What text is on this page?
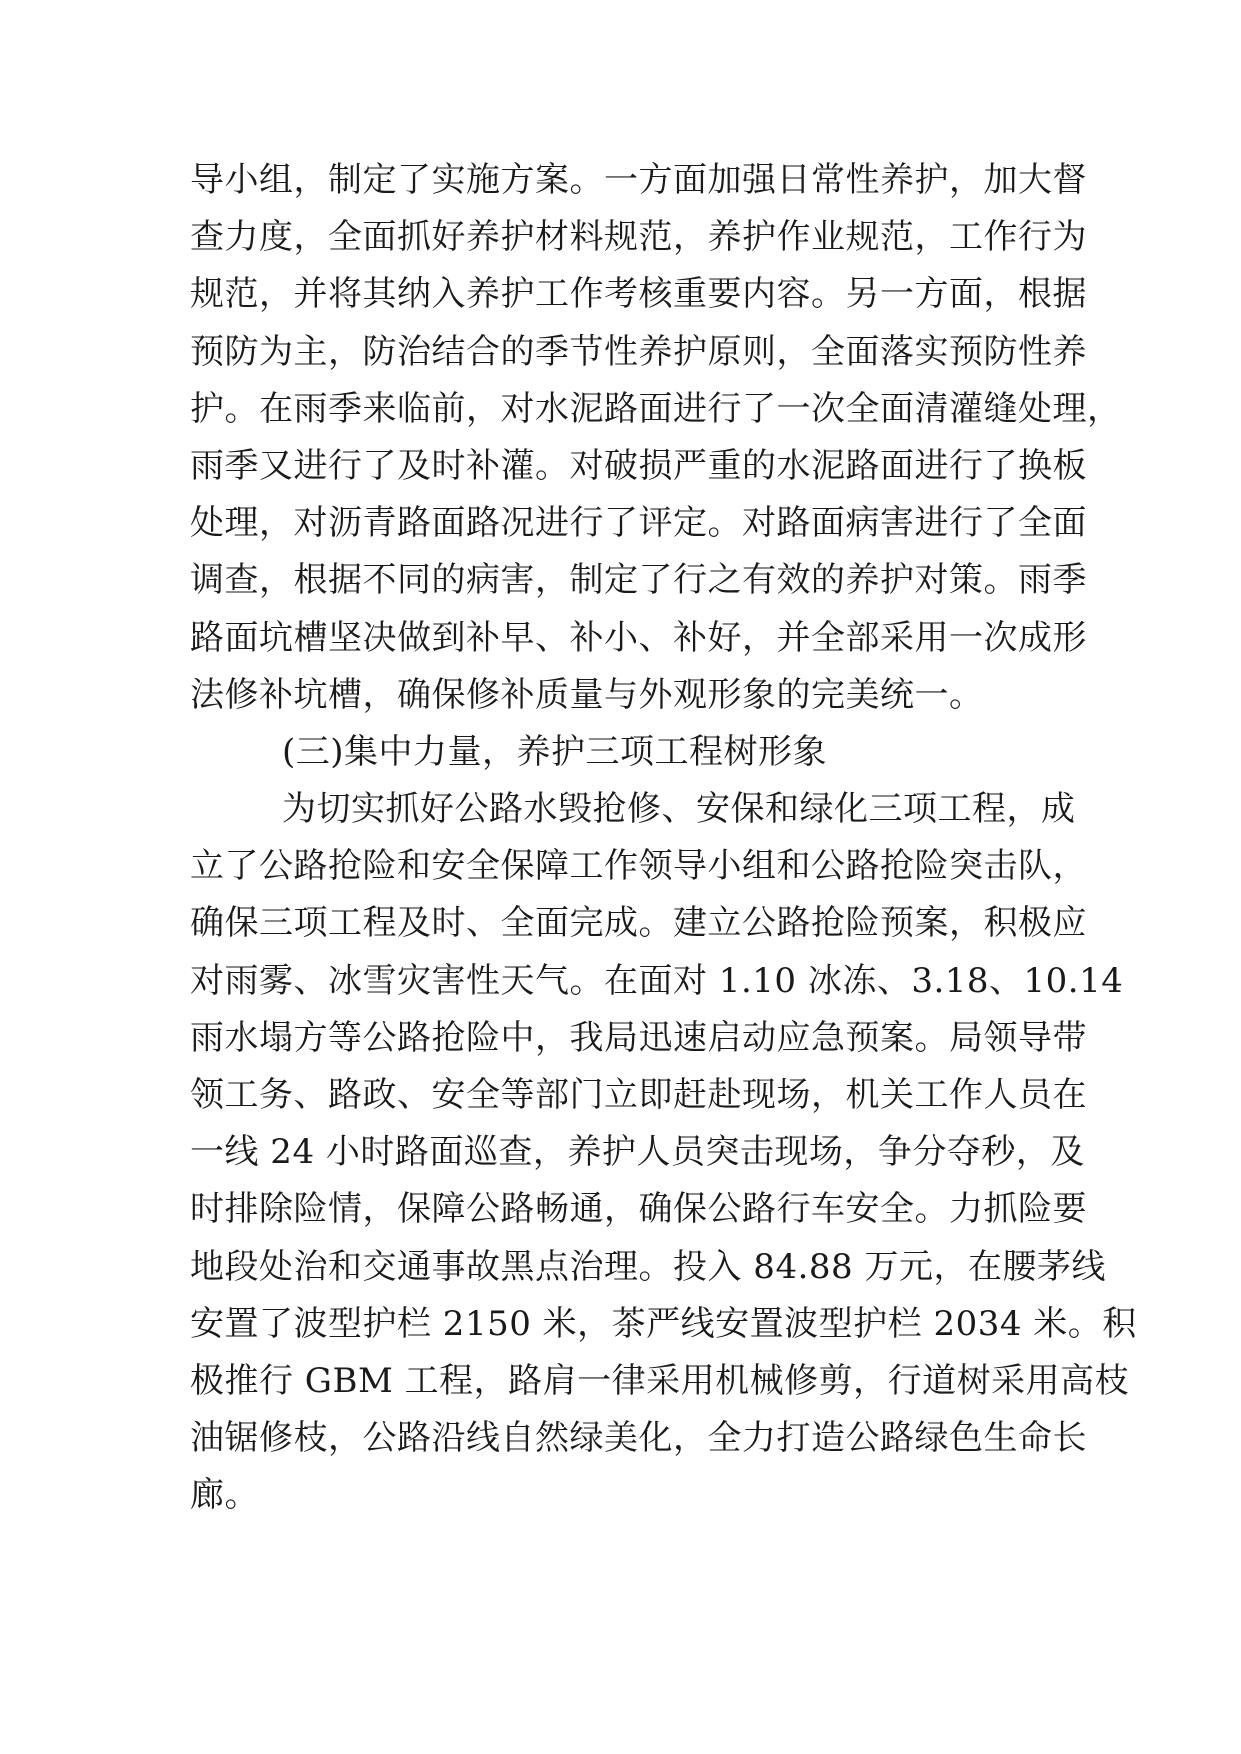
导小组，制定了实施方案。一方面加强日常性养护，加大督
查力度，全面抓好养护材料规范，养护作业规范，工作行为
规范，并将其纳入养护工作考核重要内容。另一方面，根据
预防为主，防治结合的季节性养护原则，全面落实预防性养
护。在雨季来临前，对水泥路面进行了一次全面清灌缝处理，
雨季又进行了及时补灌。对破损严重的水泥路面进行了换板
处理，对沥青路面路况进行了评定。对路面病害进行了全面
调查，根据不同的病害，制定了行之有效的养护对策。雨季
路面坑槽坚决做到补早、补小、补好，并全部采用一次成形
法修补坑槽，确保修补质量与外观形象的完美统一。
(三)集中力量，养护三项工程树形象
为切实抓好公路水毁抢修、安保和绿化三项工程，成
立了公路抢险和安全保障工作领导小组和公路抢险突击队，
确保三项工程及时、全面完成。建立公路抢险预案，积极应
对雨雾、冰雪灾害性天气。在面对 1.10 冰冻、3.18、10.14
雨水塌方等公路抢险中，我局迅速启动应急预案。局领导带
领工务、路政、安全等部门立即赶赴现场，机关工作人员在
一线 24 小时路面巡查，养护人员突击现场，争分夺秒，及
时排除险情，保障公路畅通，确保公路行车安全。力抓险要
地段处治和交通事故黑点治理。投入 84.88 万元，在腰茅线
安置了波型护栏 2150 米，茶严线安置波型护栏 2034 米。积
极推行 GBM 工程，路肩一律采用机械修剪，行道树采用高枝
油锯修枝，公路沿线自然绿美化，全力打造公路绿色生命长
廊。
